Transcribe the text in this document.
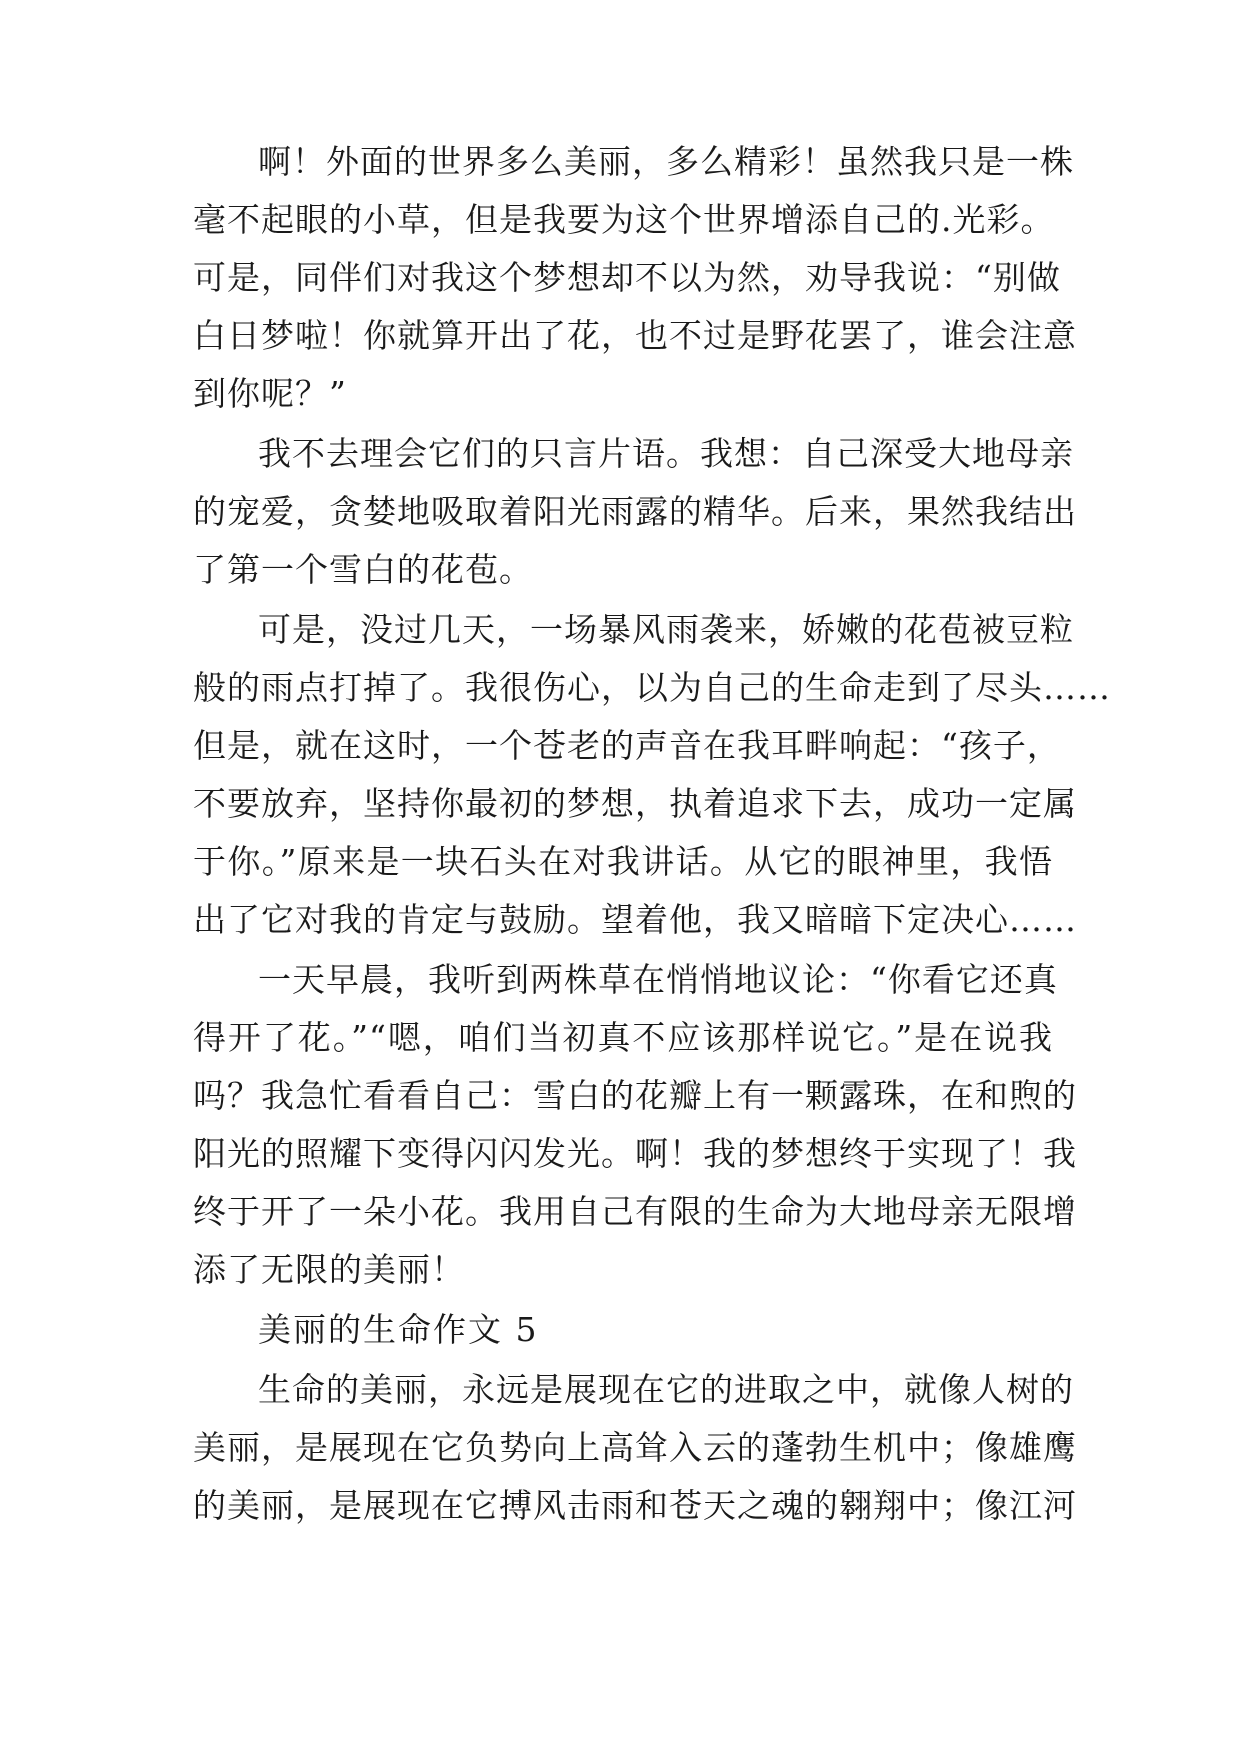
啊！外面的世界多么美丽，多么精彩！虽然我只是一株
毫不起眼的小草，但是我要为这个世界增添自己的.光彩。
可是，同伴们对我这个梦想却不以为然，劝导我说：“别做
白日梦啦！你就算开出了花，也不过是野花罢了，谁会注意
到你呢？”
我不去理会它们的只言片语。我想：自己深受大地母亲
的宠爱，贪婪地吸取着阳光雨露的精华。后来，果然我结出
了第一个雪白的花苞。
可是，没过几天，一场暴风雨袭来，娇嫩的花苞被豆粒
般的雨点打掉了。我很伤心，以为自己的生命走到了尽头……
但是，就在这时，一个苍老的声音在我耳畔响起：“孩子，
不要放弃，坚持你最初的梦想，执着追求下去，成功一定属
于你。”原来是一块石头在对我讲话。从它的眼神里，我悟
出了它对我的肯定与鼓励。望着他，我又暗暗下定决心……
一天早晨，我听到两株草在悄悄地议论：“你看它还真
得开了花。”“嗯，咱们当初真不应该那样说它。”是在说我
吗？我急忙看看自己：雪白的花瓣上有一颗露珠，在和煦的
阳光的照耀下变得闪闪发光。啊！我的梦想终于实现了！我
终于开了一朵小花。我用自己有限的生命为大地母亲无限增
添了无限的美丽！
美丽的生命作文 5
生命的美丽，永远是展现在它的进取之中，就像人树的
美丽，是展现在它负势向上高耸入云的蓬勃生机中；像雄鹰
的美丽，是展现在它搏风击雨和苍天之魂的翱翔中；像江河
